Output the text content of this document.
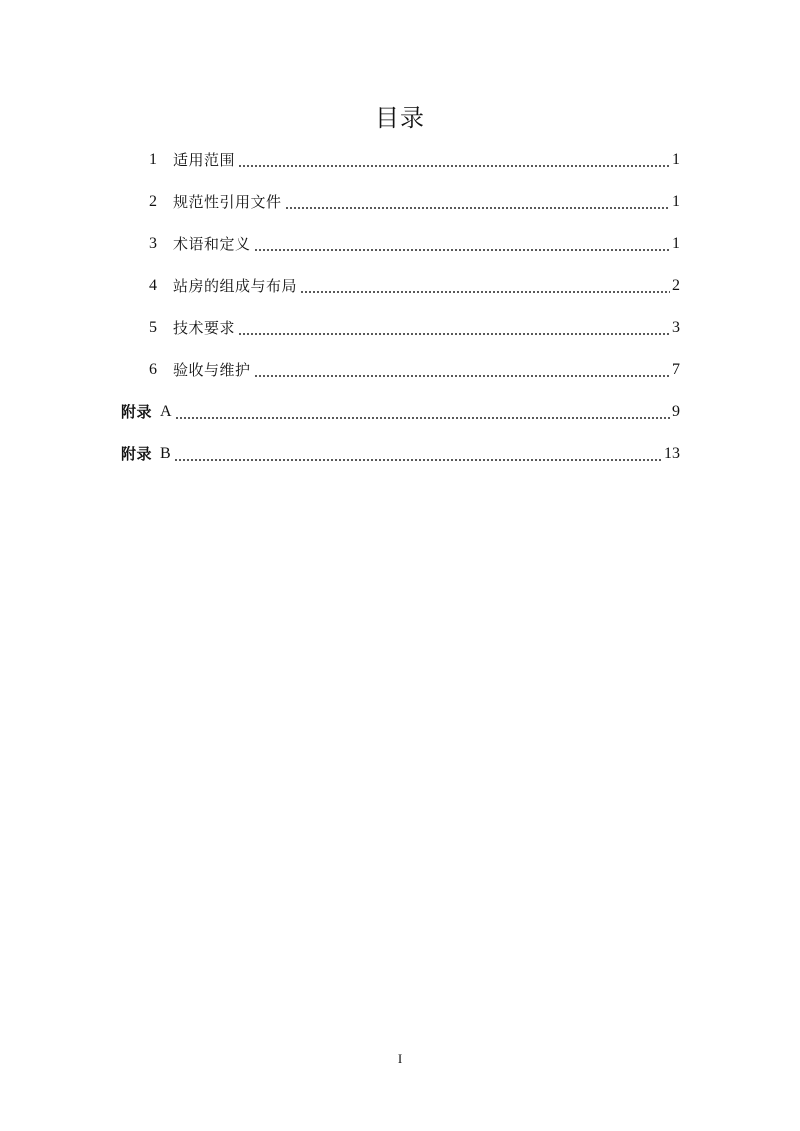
目录
1	适用范围	1
2	规范性引用文件	1
3	术语和定义	1
4	站房的组成与布局	2
5	技术要求	3
6	验收与维护	7
附录 A	9
附录 B	13
I
